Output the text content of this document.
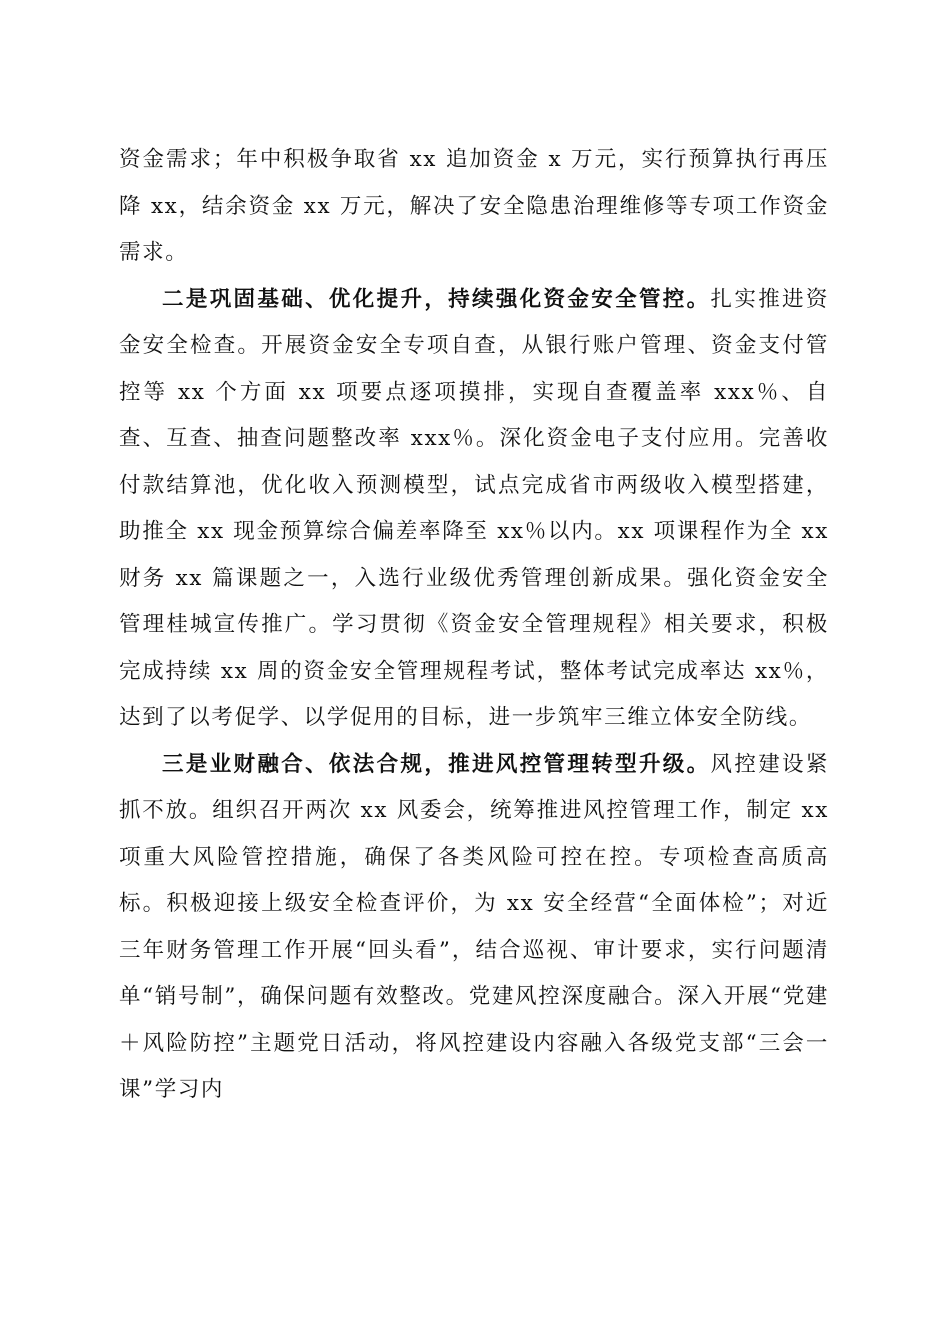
资金需求；年中积极争取省 xx 追加资金 x 万元，实行预算执行再压降 xx，结余资金 xx 万元，解决了安全隐患治理维修等专项工作资金需求。

二是巩固基础、优化提升，持续强化资金安全管控。扎实推进资金安全检查。开展资金安全专项自查，从银行账户管理、资金支付管控等 xx 个方面 xx 项要点逐项摸排，实现自查覆盖率 xxx％、自查、互查、抽查问题整改率 xxx％。深化资金电子支付应用。完善收付款结算池，优化收入预测模型，试点完成省市两级收入模型搭建，助推全 xx 现金预算综合偏差率降至 xx％以内。xx 项课程作为全 xx 财务 xx 篇课题之一，入选行业级优秀管理创新成果。强化资金安全管理桂城宣传推广。学习贯彻《资金安全管理规程》相关要求，积极完成持续 xx 周的资金安全管理规程考试，整体考试完成率达 xx％，达到了以考促学、以学促用的目标，进一步筑牢三维立体安全防线。

三是业财融合、依法合规，推进风控管理转型升级。风控建设紧抓不放。组织召开两次 xx 风委会，统筹推进风控管理工作，制定 xx 项重大风险管控措施，确保了各类风险可控在控。专项检查高质高标。积极迎接上级安全检查评价，为 xx 安全经营“全面体检”；对近三年财务管理工作开展“回头看”，结合巡视、审计要求，实行问题清单“销号制”，确保问题有效整改。党建风控深度融合。深入开展“党建＋风险防控”主题党日活动，将风控建设内容融入各级党支部“三会一课”学习内
